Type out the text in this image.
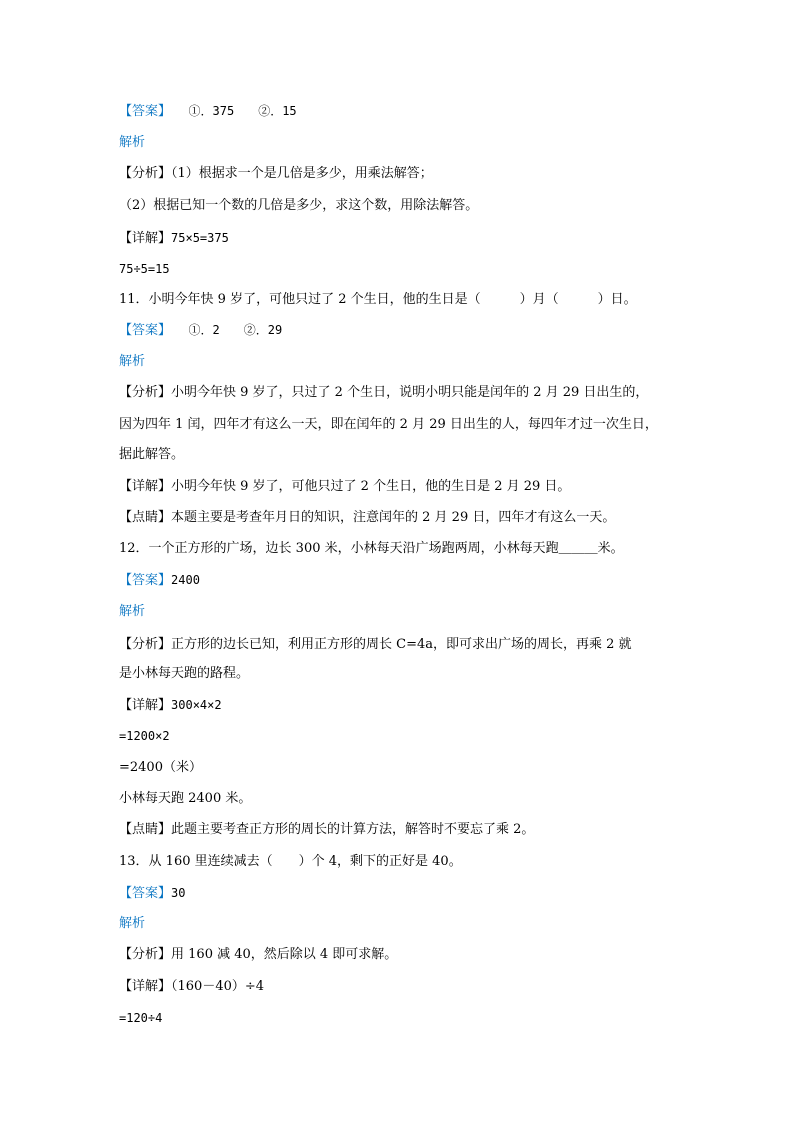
【答案】　　①．375　　②．15
解析
【分析】（1）根据求一个是几倍是多少，用乘法解答；
（2）根据已知一个数的几倍是多少，求这个数，用除法解答。
【详解】75×5=375
75÷5=15
11．小明今年快 9 岁了，可他只过了 2 个生日，他的生日是（　　　）月（　　　）日。
【答案】　　①．2　　②．29
解析
【分析】小明今年快 9 岁了，只过了 2 个生日，说明小明只能是闰年的 2 月 29 日出生的，
因为四年 1 闰，四年才有这么一天，即在闰年的 2 月 29 日出生的人，每四年才过一次生日，
据此解答。
【详解】小明今年快 9 岁了，可他只过了 2 个生日，他的生日是 2 月 29 日。
【点睛】本题主要是考查年月日的知识，注意闰年的 2 月 29 日，四年才有这么一天。
12．一个正方形的广场，边长 300 米，小林每天沿广场跑两周，小林每天跑＿＿＿米。
【答案】2400
解析
【分析】正方形的边长已知，利用正方形的周长 C=4a，即可求出广场的周长，再乘 2 就
是小林每天跑的路程。
【详解】300×4×2
=1200×2
=2400（米）
小林每天跑 2400 米。
【点睛】此题主要考查正方形的周长的计算方法，解答时不要忘了乘 2。
13．从 160 里连续减去（　　）个 4，剩下的正好是 40。
【答案】30
解析
【分析】用 160 减 40，然后除以 4 即可求解。
【详解】（160－40）÷4
=120÷4
